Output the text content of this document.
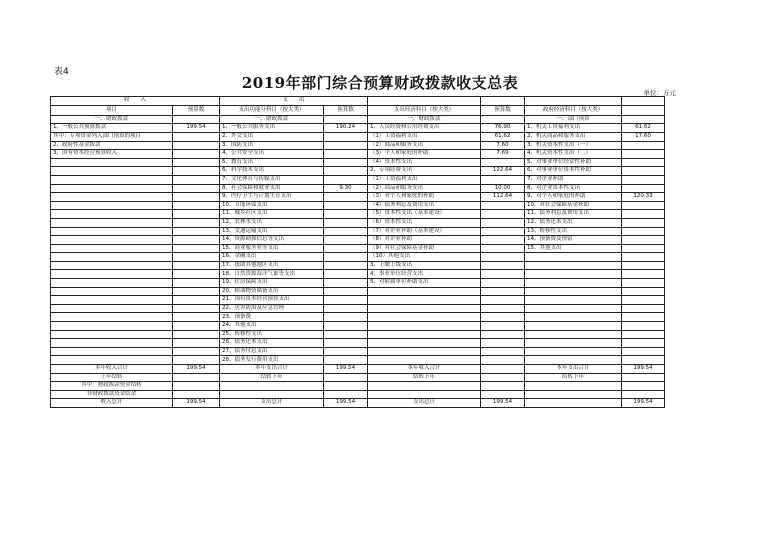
表4
2019年部门综合预算财政拨款收支总表
单位：万元
收　　入		支　　出					
项目	预算数	支出功能分科目（按大类）	预算数	支出经济科目（按大类）	预算数	政府经济科目（按大类）	
一、财政拨款		一、财政拨款		一、财政拨款		一、部门预算	
1、一般公共预算拨款	199.54	1、一般公共服务支出	190.24	1、人员经费和公用经费支出	76.90	1、机关工资福利支出	61.62
其中：专项资金列入部门预算的项目		2、外交支出		（1）工资福利支出	61.62	2、机关商品和服务支出	17.60
2、政府性基金拨款		3、国防支出		（2）商品和服务支出	7.60	3、机关资本性支出（一）	
3、国有资本经营预算收入		4、公共安全支出		（3）个人和家庭的补助	7.69	4、机关资本性支出（二）	
		5、教育支出		（4）资本性支出		5、对事业单位经常性补助	
		6、科学技术支出		2、专项经费支出	122.64	6、对事业单位资本性补助	
		7、文化体育与传媒支出		（1）工资福利支出		7、对企业补助	
		8、社会保障和就业支出	9.30	（2）商品和服务支出	10.00	8、对企业资本性支出	
		9、医疗卫生与计划生育支出		（3）对个人和家庭的补助	112.64	9、对个人和家庭的补助	120.33
		10、节能环保支出		（4）债务利息及费用支出		10、对社会保障基金补助	
		11、城乡社区支出		（5）资本性支出（基本建设）		11、债务利息及费用支出	
		12、农林水支出		（6）资本性支出		12、债务还本支出	
		13、交通运输支出		（7）对企业补助（基本建设）		13、转移性支出	
		14、资源勘探信息等支出		（8）对企业补助		14、预备费及预留	
		15、商业服务业等支出		（9）对社会保障基金补助		15、其他支出	
		16、金融支出		（10）其他支出			
		17、援助其他地区支出		3、上缴上级支出			
		18、自然资源海洋气象等支出		4、事业单位经营支出			
		19、住房保障支出		5、对附属单位补助支出			
		20、粮油物资储备支出					
		21、国有资本经营预算支出					
		22、灾害防治及应急管理					
		23、预备费					
		24、其他支出					
		25、转移性支出					
		26、债务还本支出					
		27、债务付息支出					
		28、债务发行费用支出					
本年收入合计	199.54	本年支出合计	199.54	本年收入合计		本年支出合计	199.54
上年结转		结转下年		结转下年		结转下年	
其中：财政拨款资金结转							
非财政拨款资金结余							
收入总计	199.54	支出总计	199.54	支出总计	199.54		199.54
